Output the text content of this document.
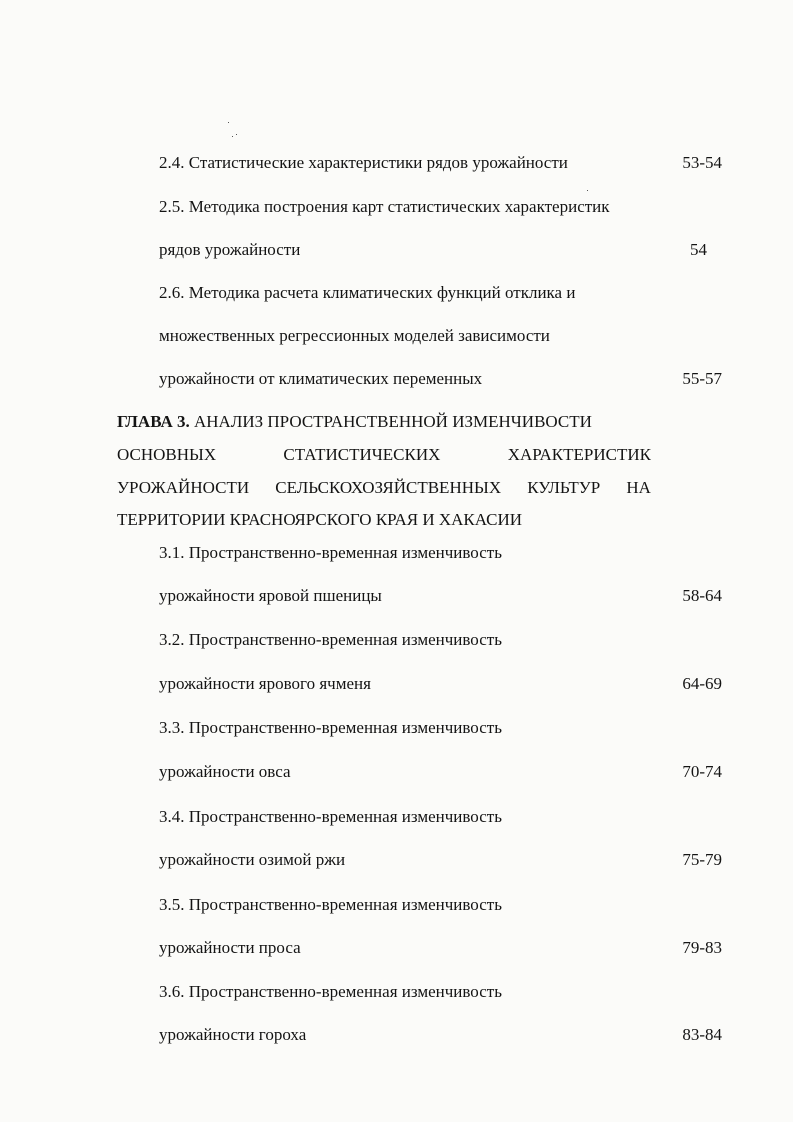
2.4. Статистические характеристики рядов урожайности	53-54
2.5. Методика построения карт статистических характеристик
рядов урожайности	54
2.6. Методика расчета климатических функций отклика и
множественных регрессионных моделей зависимости
урожайности от климатических переменных	55-57
ГЛАВА 3. АНАЛИЗ ПРОСТРАНСТВЕННОЙ ИЗМЕНЧИВОСТИ
ОСНОВНЫХ	СТАТИСТИЧЕСКИХ	ХАРАКТЕРИСТИК
УРОЖАЙНОСТИ СЕЛЬСКОХОЗЯЙСТВЕННЫХ КУЛЬТУР НА
ТЕРРИТОРИИ КРАСНОЯРСКОГО КРАЯ И ХАКАСИИ
3.1. Пространственно-временная изменчивость
урожайности яровой пшеницы	58-64
3.2. Пространственно-временная изменчивость
урожайности ярового ячменя	64-69
3.3. Пространственно-временная изменчивость
урожайности овса	70-74
3.4. Пространственно-временная изменчивость
урожайности озимой ржи	75-79
3.5. Пространственно-временная изменчивость
урожайности проса	79-83
3.6. Пространственно-временная изменчивость
урожайности гороха	83-84
